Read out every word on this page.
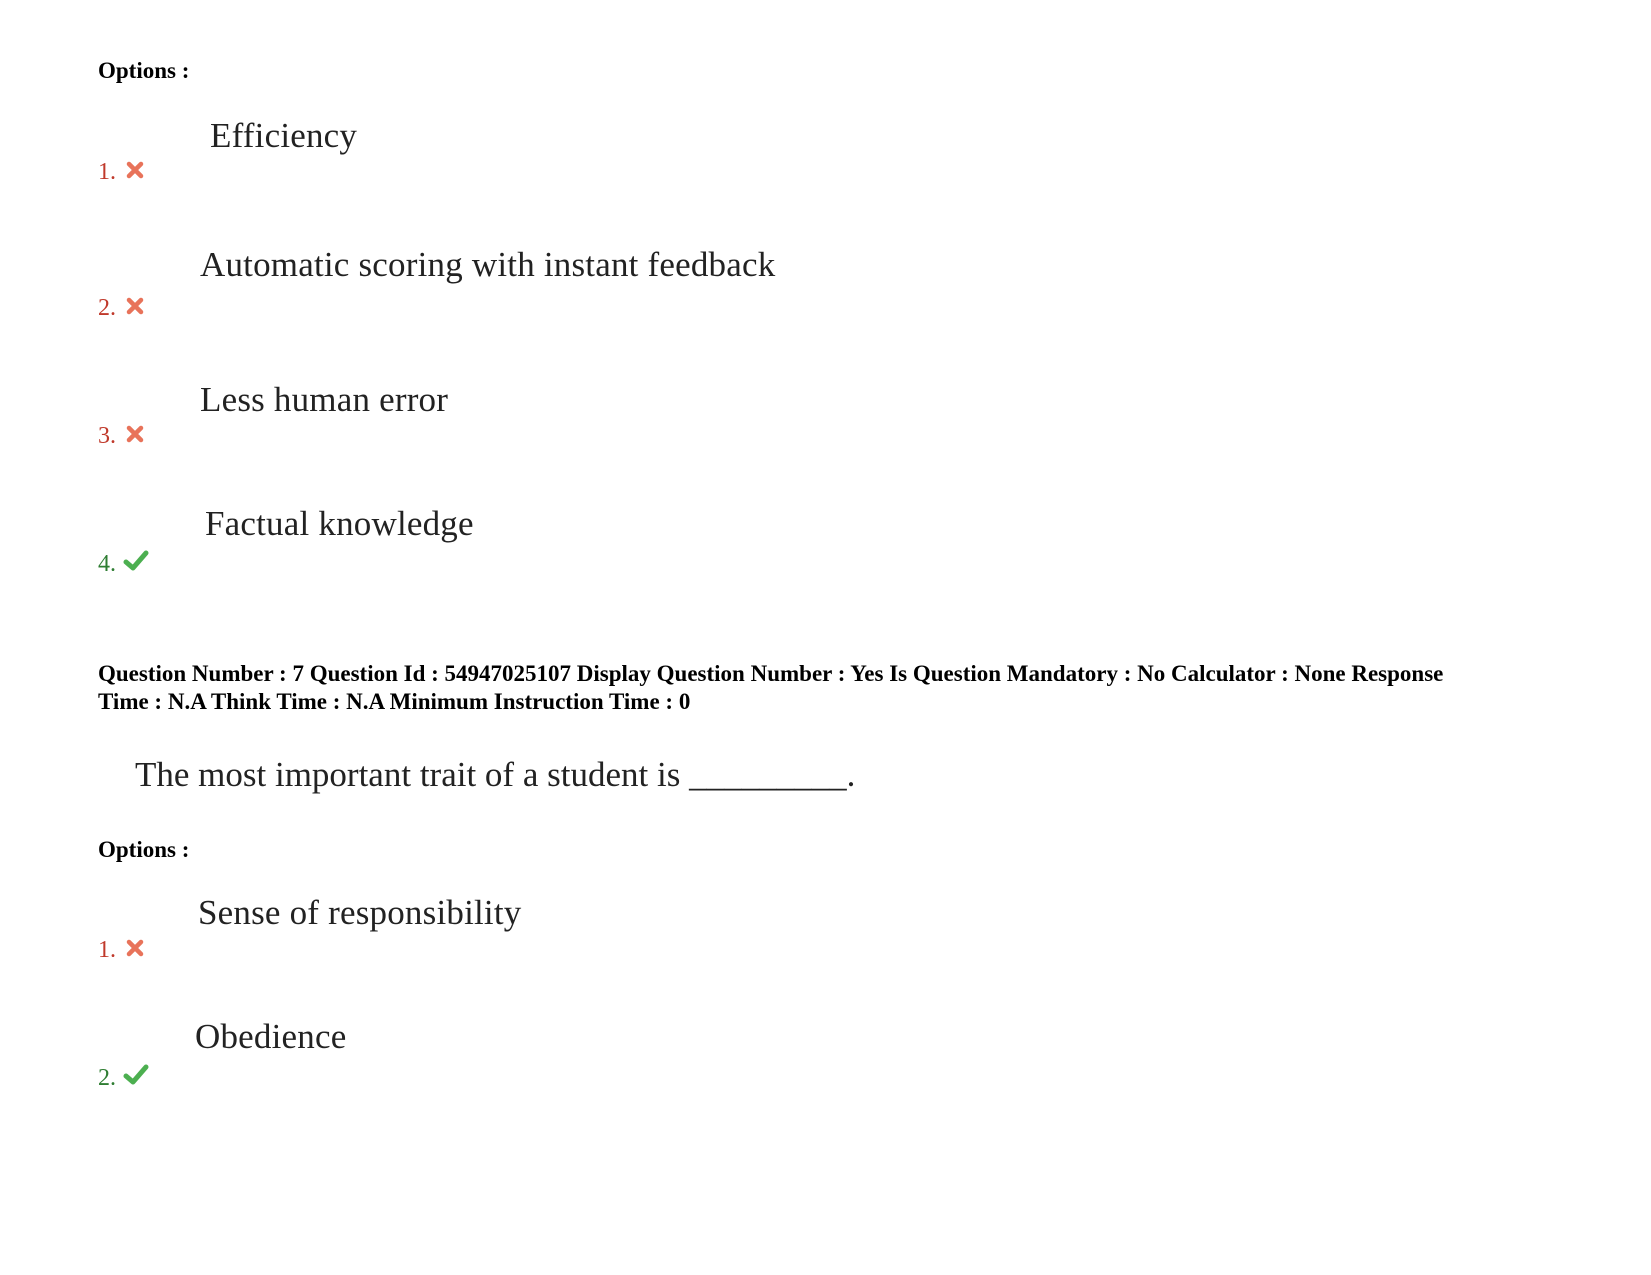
Options :
Efficiency
1.
Automatic scoring with instant feedback
2.
Less human error
3.
Factual knowledge
4.
Question Number : 7 Question Id : 54947025107 Display Question Number : Yes Is Question Mandatory : No Calculator : None Response
Time : N.A Think Time : N.A Minimum Instruction Time : 0
The most important trait of a student is _________.
Options :
Sense of responsibility
1.
Obedience
2.
